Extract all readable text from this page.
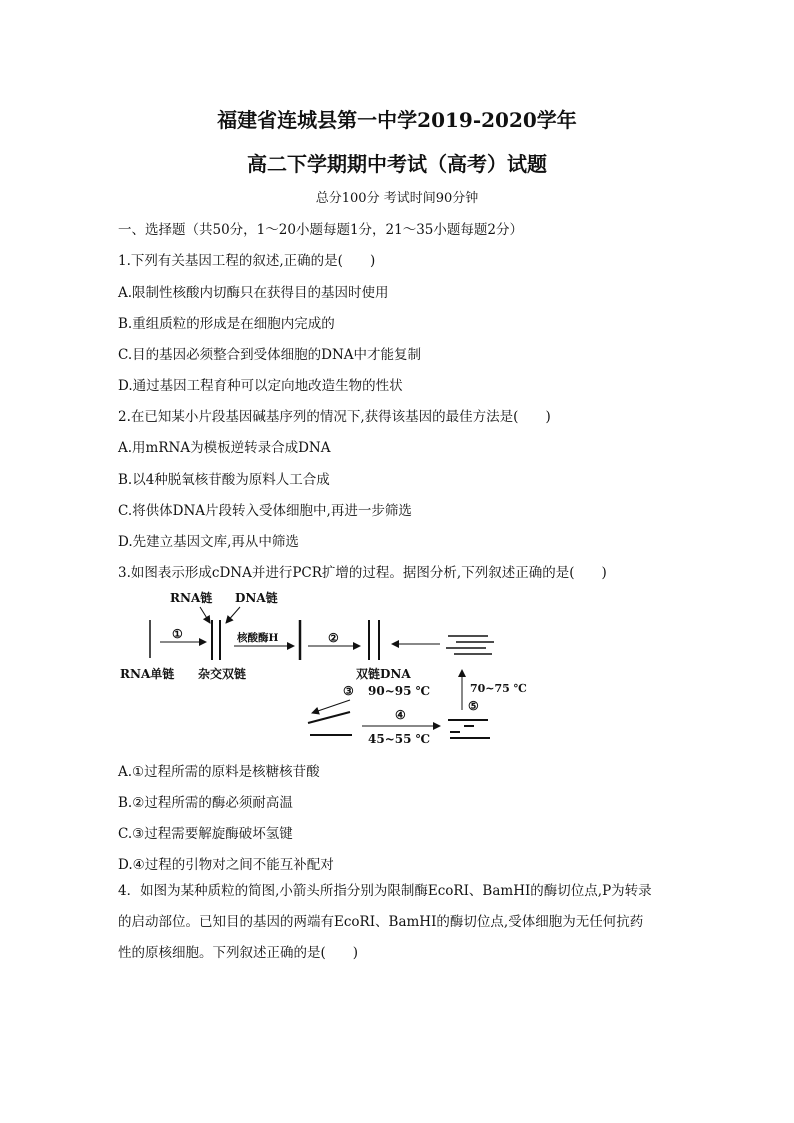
福建省连城县第一中学2019-2020学年
高二下学期期中考试（高考）试题
总分100分 考试时间90分钟
一、选择题（共50分，1～20小题每题1分，21～35小题每题2分）
1.下列有关基因工程的叙述,正确的是(　　)
A.限制性核酸内切酶只在获得目的基因时使用
B.重组质粒的形成是在细胞内完成的
C.目的基因必须整合到受体细胞的DNA中才能复制
D.通过基因工程育种可以定向地改造生物的性状
2.在已知某小片段基因碱基序列的情况下,获得该基因的最佳方法是(　　)
A.用mRNA为模板逆转录合成DNA
B.以4种脱氧核苷酸为原料人工合成
C.将供体DNA片段转入受体细胞中,再进一步筛选
D.先建立基因文库,再从中筛选
3.如图表示形成cDNA并进行PCR扩增的过程。据图分析,下列叙述正确的是(　　)
RNA链 DNA链
①	核酸酶H	②
RNA单链 杂交双链	双链DNA
③ 90~95 ℃
④
45~55 ℃
70~75 ℃
⑤
A.①过程所需的原料是核糖核苷酸
B.②过程所需的酶必须耐高温
C.③过程需要解旋酶破坏氢键
D.④过程的引物对之间不能互补配对
4．如图为某种质粒的简图,小箭头所指分别为限制酶EcoRⅠ、BamHⅠ的酶切位点,P为转录
的启动部位。已知目的基因的两端有EcoRⅠ、BamHⅠ的酶切位点,受体细胞为无任何抗药
性的原核细胞。下列叙述正确的是(　　)
